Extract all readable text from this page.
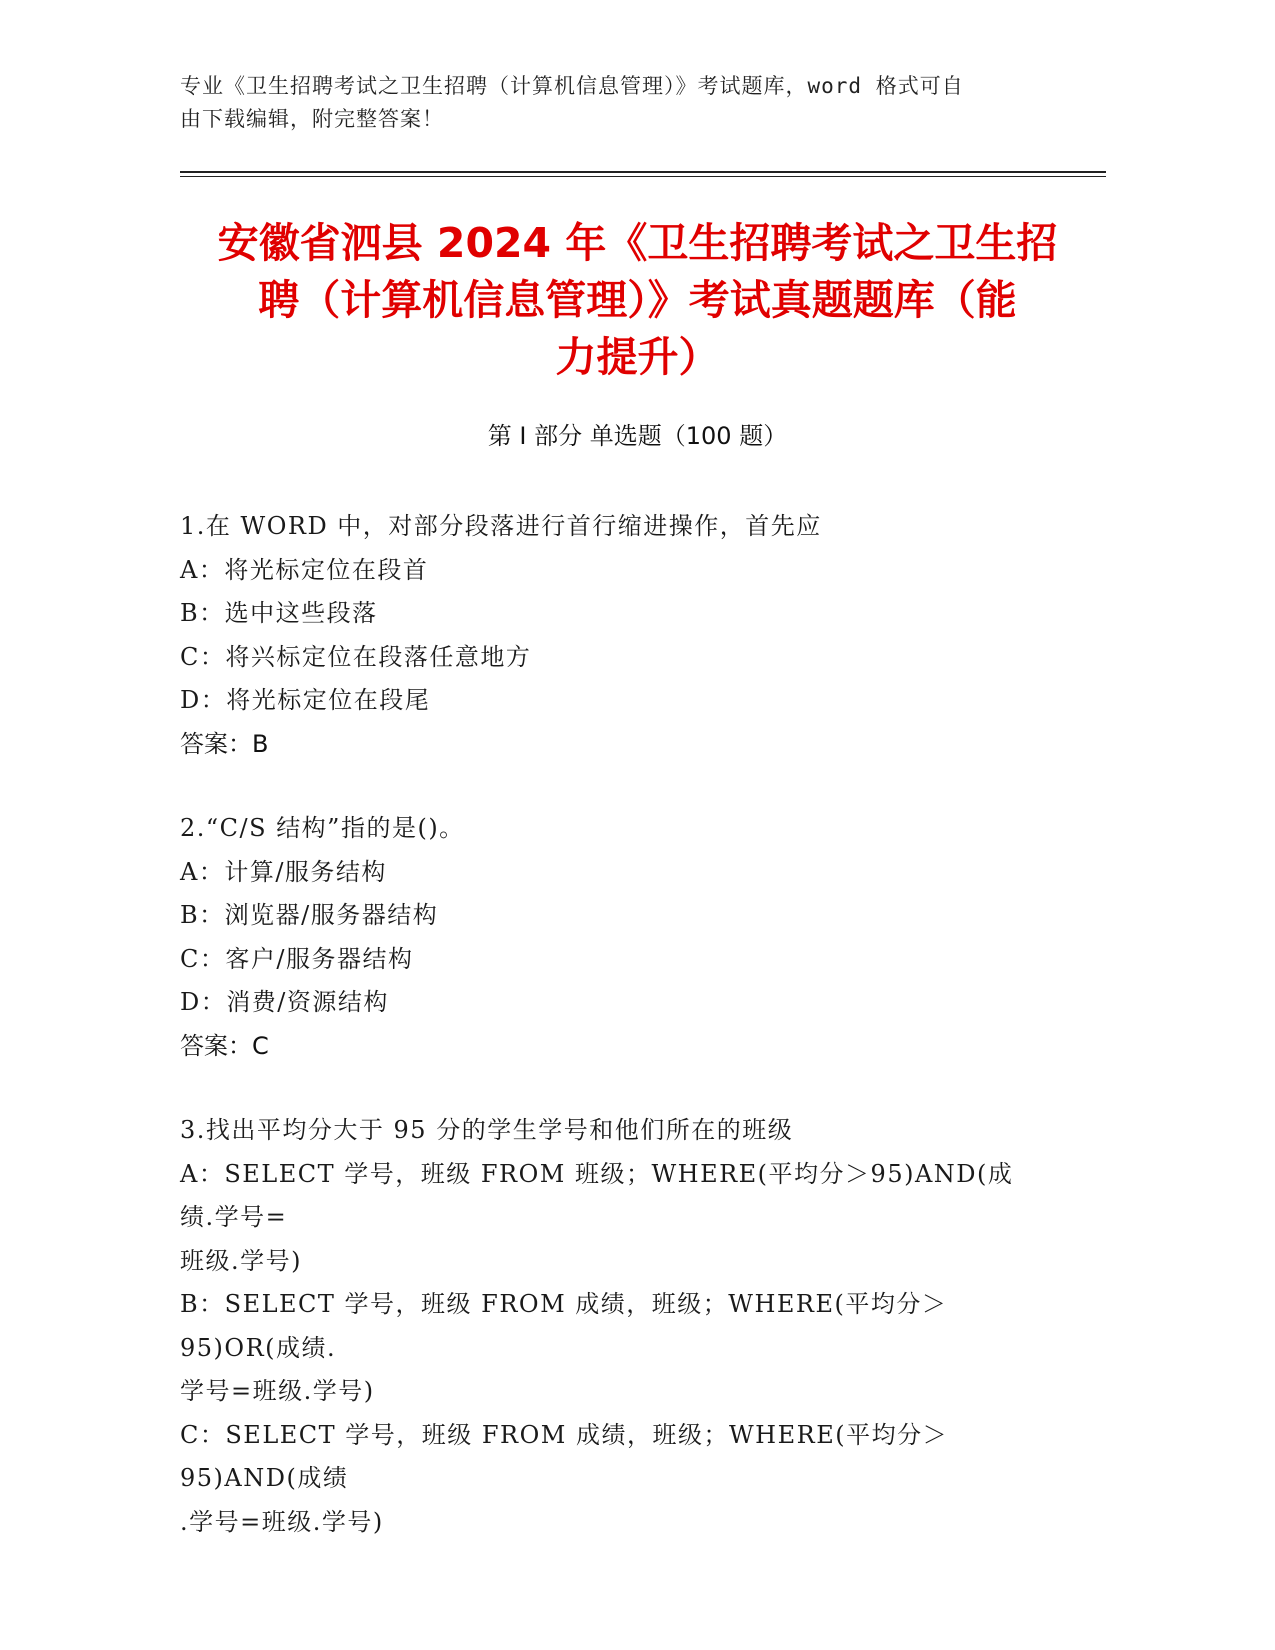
专业《卫生招聘考试之卫生招聘（计算机信息管理）》考试题库，word 格式可自
由下载编辑，附完整答案！
安徽省泗县 2024 年《卫生招聘考试之卫生招
聘（计算机信息管理）》考试真题题库（能
力提升）
第 I 部分 单选题（100 题）

1.在 WORD 中，对部分段落进行首行缩进操作，首先应

A：将光标定位在段首

B：选中这些段落

C：将兴标定位在段落任意地方

D：将光标定位在段尾

答案：B

2.“C/S 结构”指的是()。

A：计算/服务结构

B：浏览器/服务器结构

C：客户/服务器结构

D：消费/资源结构

答案：C

3.找出平均分大于 95 分的学生学号和他们所在的班级

A：SELECT 学号，班级 FROM 班级；WHERE(平均分＞95)AND(成绩.学号=

班级.学号)

B：SELECT 学号，班级 FROM 成绩，班级；WHERE(平均分＞95)OR(成绩.

学号=班级.学号)

C：SELECT 学号，班级 FROM 成绩，班级；WHERE(平均分＞95)AND(成绩

.学号=班级.学号)
